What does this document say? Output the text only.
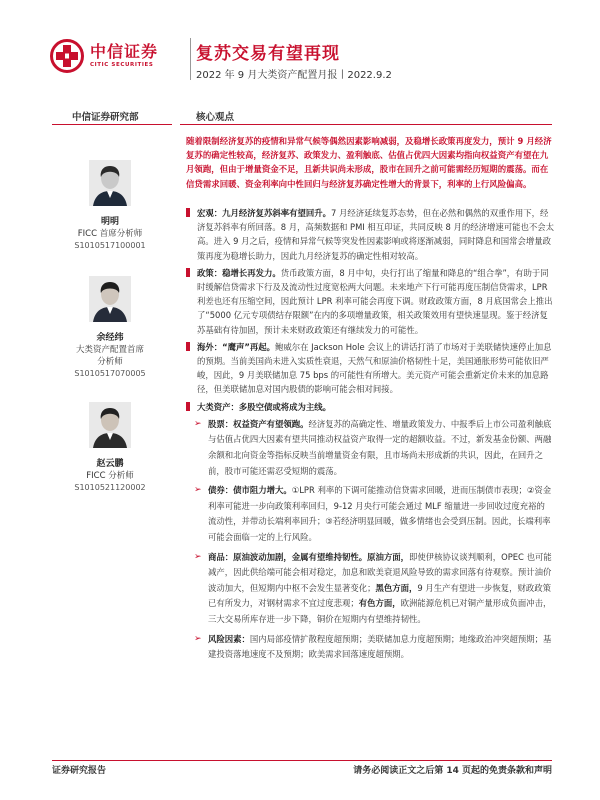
中信证券
CITIC SECURITIES
复苏交易有望再现
2022 年 9 月大类资产配置月报丨2022.9.2
中信证券研究部	核心观点
明明
FICC 首席分析师
S1010517100001
余经纬
大类资产配置首席
分析师
S1010517070005
赵云鹏
FICC 分析师
S1010521120002
随着限制经济复苏的疫情和异常气候等偶然因素影响减弱，及稳增长政策再度发力，预计 9 月经济复苏的确定性较高，经济复苏、政策发力、盈利触底、估值占优四大因素均指向权益资产有望在九月领跑，但由于增量资金不足，且新共识尚未形成，股市在回升之前可能需经历短期的震荡。而在信贷需求回暖、资金利率向中性回归与经济复苏确定性增大的背景下，利率的上行风险偏高。
宏观：九月经济复苏斜率有望回升。7 月经济延续复苏态势，但在必然和偶然的双重作用下，经济复苏斜率有所回落。8 月，高频数据和 PMI 相互印证，共同反映 8 月的经济增速可能也不会太高。进入 9 月之后，疫情和异常气候等突发性因素影响或将逐渐减弱，同时降息和国常会增量政策再度为稳增长助力，因此九月经济复苏的确定性相对较高。
政策：稳增长再发力。货币政策方面，8 月中旬，央行打出了缩量和降息的“组合拳”，有助于同时缓解信贷需求下行及及流动性过度宽松两大问题。未来地产下行可能再度压制信贷需求，LPR 利差也还有压缩空间，因此预计 LPR 利率可能会再度下调。财政政策方面，8 月底国常会上推出了“5000 亿元专项债结存限额”在内的多项增量政策，相关政策效用有望快速显现。鉴于经济复苏基础有待加固，预计未来财政政策还有继续发力的可能性。
海外：“鹰声”再起。鲍威尔在 Jackson Hole 会议上的讲话打消了市场对于美联储快速停止加息的预期。当前美国尚未进入实质性衰退，天然气和原油价格韧性十足，美国通胀形势可能依旧严峻，因此，9 月美联储加息 75 bps 的可能性有所增大。美元资产可能会重新定价未来的加息路径，但美联储加息对国内股债的影响可能会相对间接。
大类资产：多股空债或将成为主线。
➢ 股票：权益资产有望领跑。经济复苏的高确定性、增量政策发力、中报季后上市公司盈利触底与估值占优四大因素有望共同推动权益资产取得一定的超额收益。不过，新发基金份额、两融余额和北向资金等指标反映当前增量资金有限，且市场尚未形成新的共识，因此，在回升之前，股市可能还需忍受短期的震荡。
➢ 债券：债市阻力增大。①LPR 利率的下调可能推动信贷需求回暖，进而压制债市表现；②资金利率可能进一步向政策利率回归，9-12 月央行可能会通过 MLF 缩量进一步回收过度充裕的流动性，并带动长端利率回升；③若经济明显回暖，做多情绪也会受到压制。因此，长端利率可能会面临一定的上行风险。
➢ 商品：原油波动加剧，金属有望维持韧性。原油方面，即使伊核协议谈判顺利，OPEC 也可能减产，因此供给端可能会相对稳定，加息和欧美衰退风险导致的需求回落有待观察。预计油价波动加大，但短期内中枢不会发生显著变化；黑色方面，9 月生产有望进一步恢复，财政政策已有所发力，对钢材需求不宜过度悲观；有色方面，欧洲能源危机已对铜产量形成负面冲击，三大交易所库存进一步下降，铜价在短期内有望维持韧性。
➢ 风险因素：国内局部疫情扩散程度超预期；美联储加息力度超预期；地缘政治冲突超预期；基建投资落地速度不及预期；欧美需求回落速度超预期。
证券研究报告	请务必阅读正文之后第 14 页起的免责条款和声明
